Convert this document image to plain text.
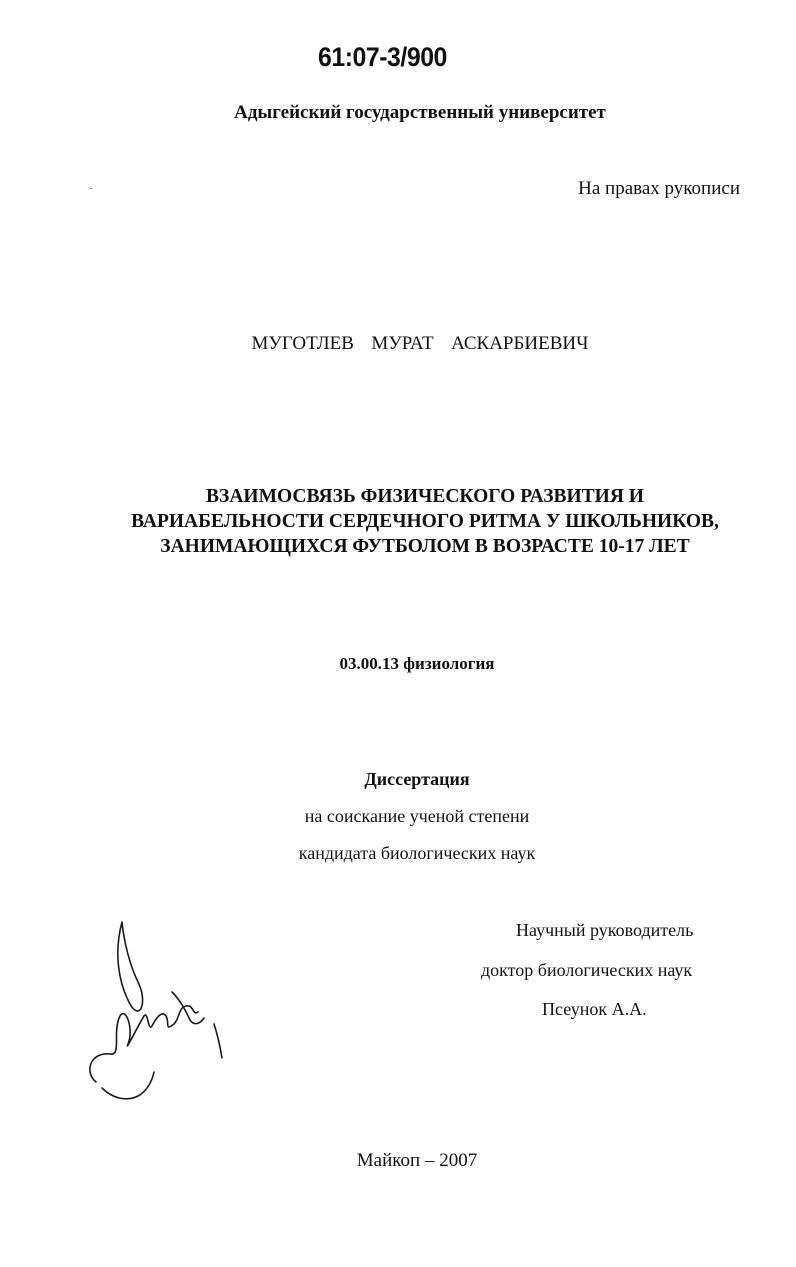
61:07-3/900
Адыгейский государственный университет
На правах рукописи
МУГОТЛЕВ  МУРАТ  АСКАРБИЕВИЧ
ВЗАИМОСВЯЗЬ ФИЗИЧЕСКОГО РАЗВИТИЯ И
ВАРИАБЕЛЬНОСТИ СЕРДЕЧНОГО РИТМА У ШКОЛЬНИКОВ,
ЗАНИМАЮЩИХСЯ ФУТБОЛОМ В ВОЗРАСТЕ 10-17 ЛЕТ
03.00.13 физиология
Диссертация
на соискание ученой степени
кандидата биологических наук
Научный руководитель
доктор биологических наук
Псеунок А.А.
Майкоп – 2007
